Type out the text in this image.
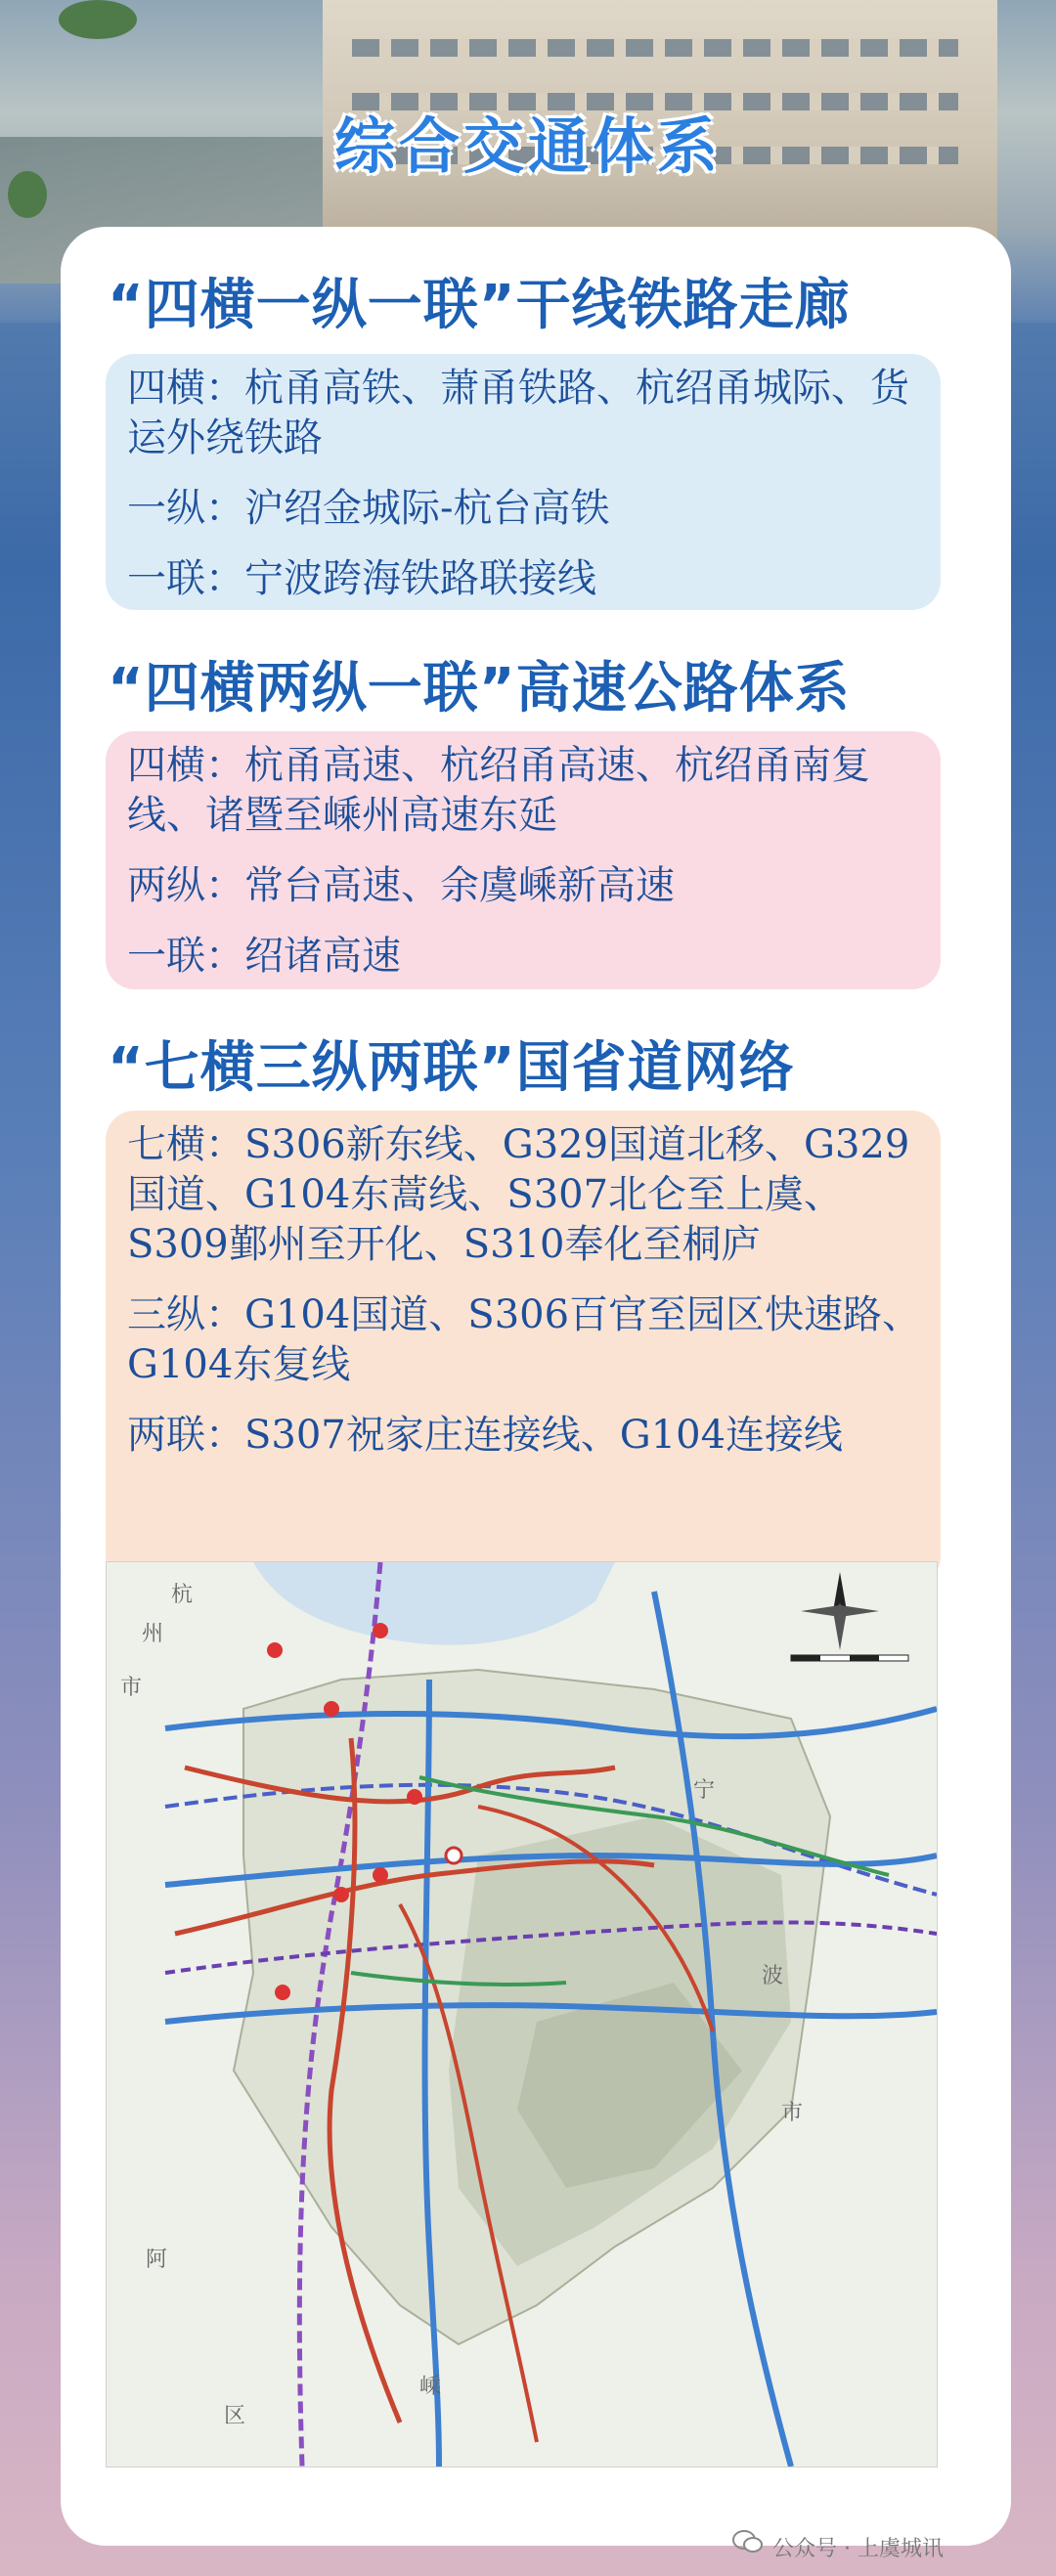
综合交通体系
“四横一纵一联”干线铁路走廊
四横：杭甬高铁、萧甬铁路、杭绍甬城际、货运外绕铁路
一纵：沪绍金城际-杭台高铁
一联：宁波跨海铁路联接线
“四横两纵一联”高速公路体系
四横：杭甬高速、杭绍甬高速、杭绍甬南复线、诸暨至嵊州高速东延
两纵：常台高速、余虞嵊新高速
一联：绍诸高速
“七横三纵两联”国省道网络
七横：S306新东线、G329国道北移、G329国道、G104东蒿线、S307北仑至上虞、S309鄞州至开化、S310奉化至桐庐
三纵：G104国道、S306百官至园区快速路、G104东复线
两联：S307祝家庄连接线、G104连接线
杭
州
市
宁
波
市
嵊
区
阿
公众号 · 上虞城讯
